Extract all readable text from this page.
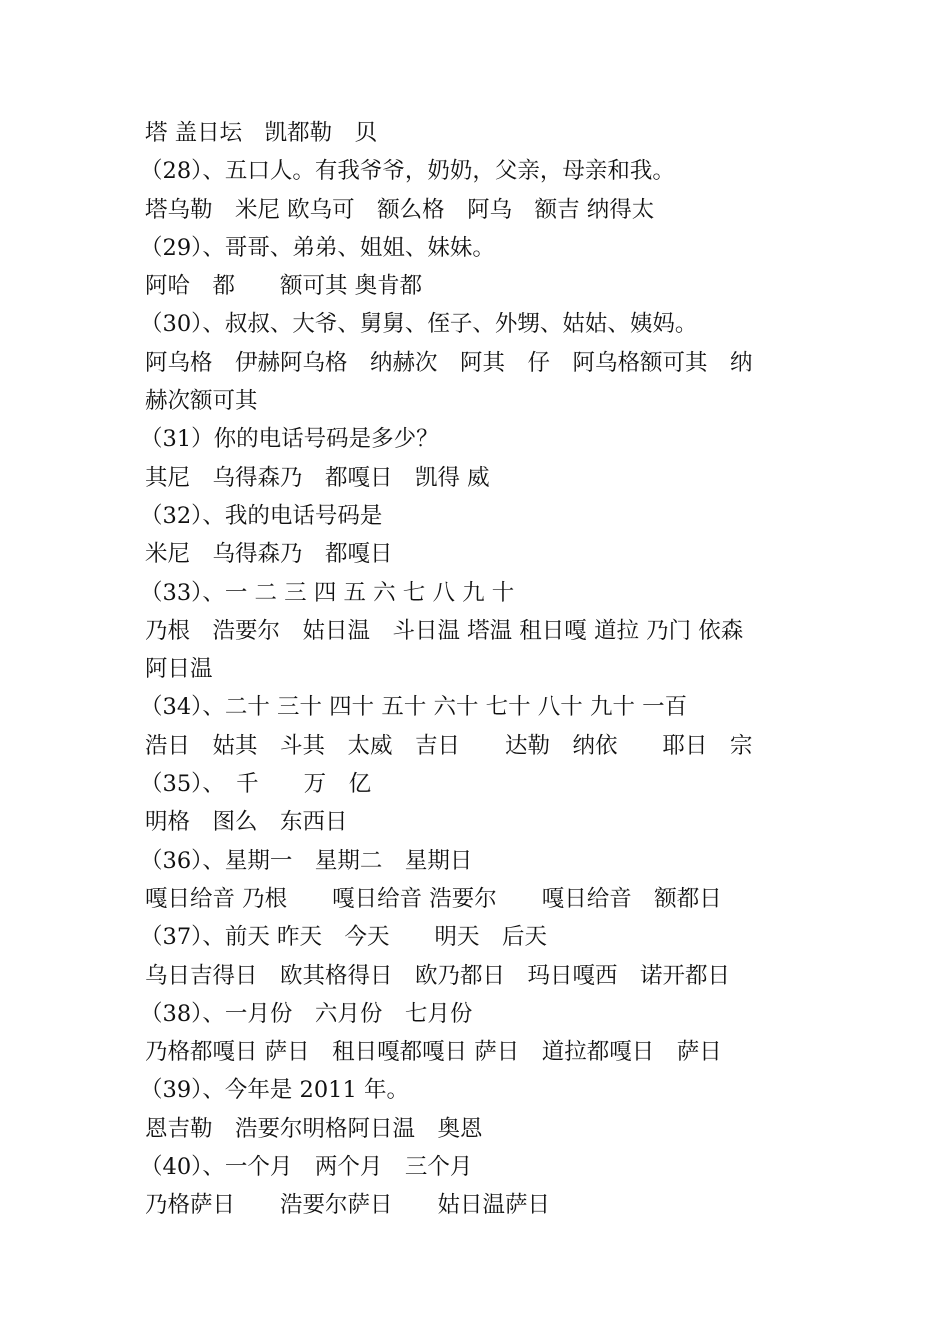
塔 盖日坛　凯都勒　贝
（28）、五口人。有我爷爷，奶奶，父亲，母亲和我。
塔乌勒　米尼 欧乌可　额么格　阿乌　额吉 纳得太
（29）、哥哥、弟弟、姐姐、妹妹。
阿哈　都　　额可其 奥肯都
（30）、叔叔、大爷、舅舅、侄子、外甥、姑姑、姨妈。
阿乌格　伊赫阿乌格　纳赫次　阿其　仔　阿乌格额可其　纳
赫次额可其
（31）你的电话号码是多少？
其尼　乌得森乃　都嘎日　凯得 威
（32）、我的电话号码是
米尼　乌得森乃　都嘎日
（33）、一 二 三 四 五 六 七 八 九 十
乃根　浩要尔　姑日温　斗日温 塔温 租日嘎 道拉 乃门 依森
阿日温
（34）、二十 三十 四十 五十 六十 七十 八十 九十 一百
浩日　姑其　斗其　太威　吉日　　达勒　纳依　　耶日　宗
（35）、　千　　万　亿
明格　图么　东西日
（36）、星期一　星期二　星期日
嘎日给音 乃根　　嘎日给音 浩要尔　　嘎日给音　额都日
（37）、前天 昨天　今天　　明天　后天
乌日吉得日　欧其格得日　欧乃都日　玛日嘎西　诺开都日
（38）、一月份　六月份　七月份
乃格都嘎日 萨日　租日嘎都嘎日 萨日　道拉都嘎日　萨日
（39）、今年是 2011 年。
恩吉勒　浩要尔明格阿日温　奥恩
（40）、一个月　两个月　三个月
乃格萨日　　浩要尔萨日　　姑日温萨日
